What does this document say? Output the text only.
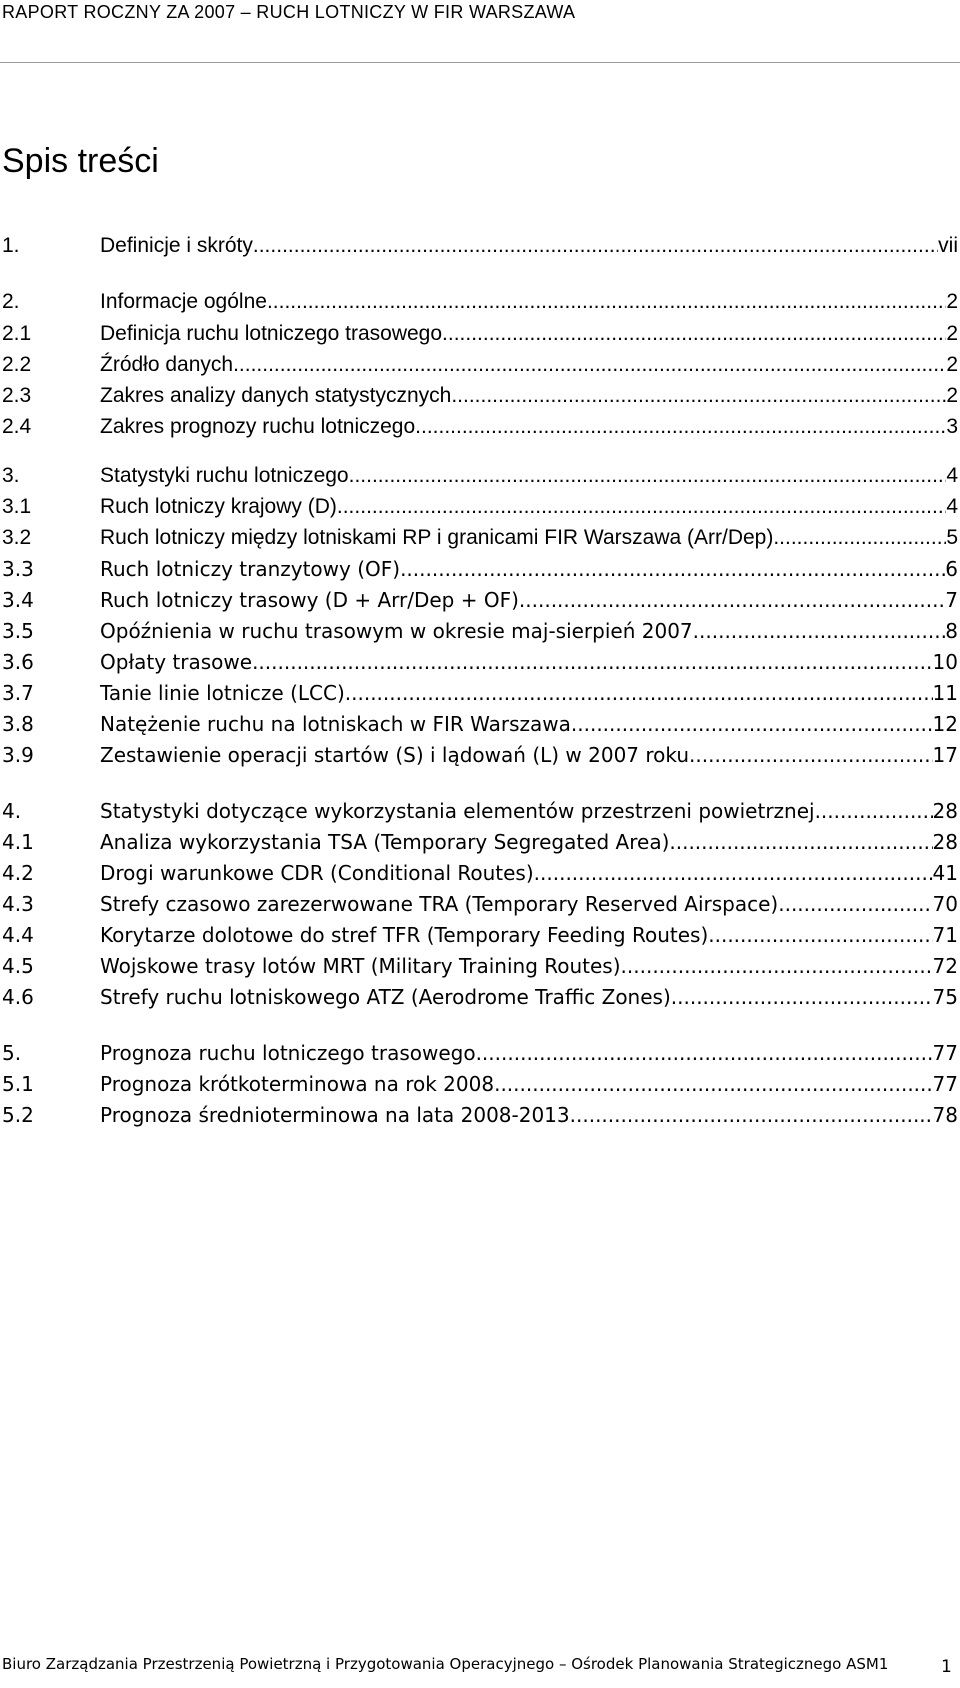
RAPORT ROCZNY ZA 2007 – RUCH LOTNICZY W FIR WARSZAWA
Spis treści
1.	Definicje i skróty .....	vii
2.	Informacje ogólne .....	2
2.1	Definicja ruchu lotniczego trasowego .....	2
2.2	Źródło danych .....	2
2.3	Zakres analizy danych statystycznych .....	2
2.4	Zakres prognozy ruchu lotniczego .....	3
3.	Statystyki ruchu lotniczego .....	4
3.1	Ruch lotniczy krajowy (D) .....	4
3.2	Ruch lotniczy między lotniskami RP i granicami FIR Warszawa (Arr/Dep) .....	5
3.3	Ruch lotniczy tranzytowy (OF) .....	6
3.4	Ruch lotniczy trasowy (D + Arr/Dep + OF) .....	7
3.5	Opóźnienia w ruchu trasowym w okresie maj-sierpień 2007 .....	8
3.6	Opłaty trasowe .....	10
3.7	Tanie linie lotnicze (LCC) .....	11
3.8	Natężenie ruchu na lotniskach w FIR Warszawa .....	12
3.9	Zestawienie operacji startów (S) i lądowań (L) w 2007 roku. .....	17
4.	Statystyki dotyczące wykorzystania elementów przestrzeni powietrznej .....	28
4.1	Analiza wykorzystania TSA (Temporary Segregated Area) .....	28
4.2	Drogi warunkowe CDR (Conditional Routes) .....	41
4.3	Strefy czasowo zarezerwowane TRA (Temporary Reserved Airspace) .....	70
4.4	Korytarze dolotowe do stref TFR (Temporary Feeding Routes) .....	71
4.5	Wojskowe trasy lotów MRT (Military Training Routes) .....	72
4.6	Strefy ruchu lotniskowego ATZ (Aerodrome Traffic Zones) .....	75
5.	Prognoza ruchu lotniczego trasowego .....	77
5.1	Prognoza krótkoterminowa na rok 2008 .....	77
5.2	Prognoza średnioterminowa na lata 2008-2013 .....	78
Biuro Zarządzania Przestrzenią Powietrzną i Przygotowania Operacyjnego – Ośrodek Planowania Strategicznego ASM1	1
